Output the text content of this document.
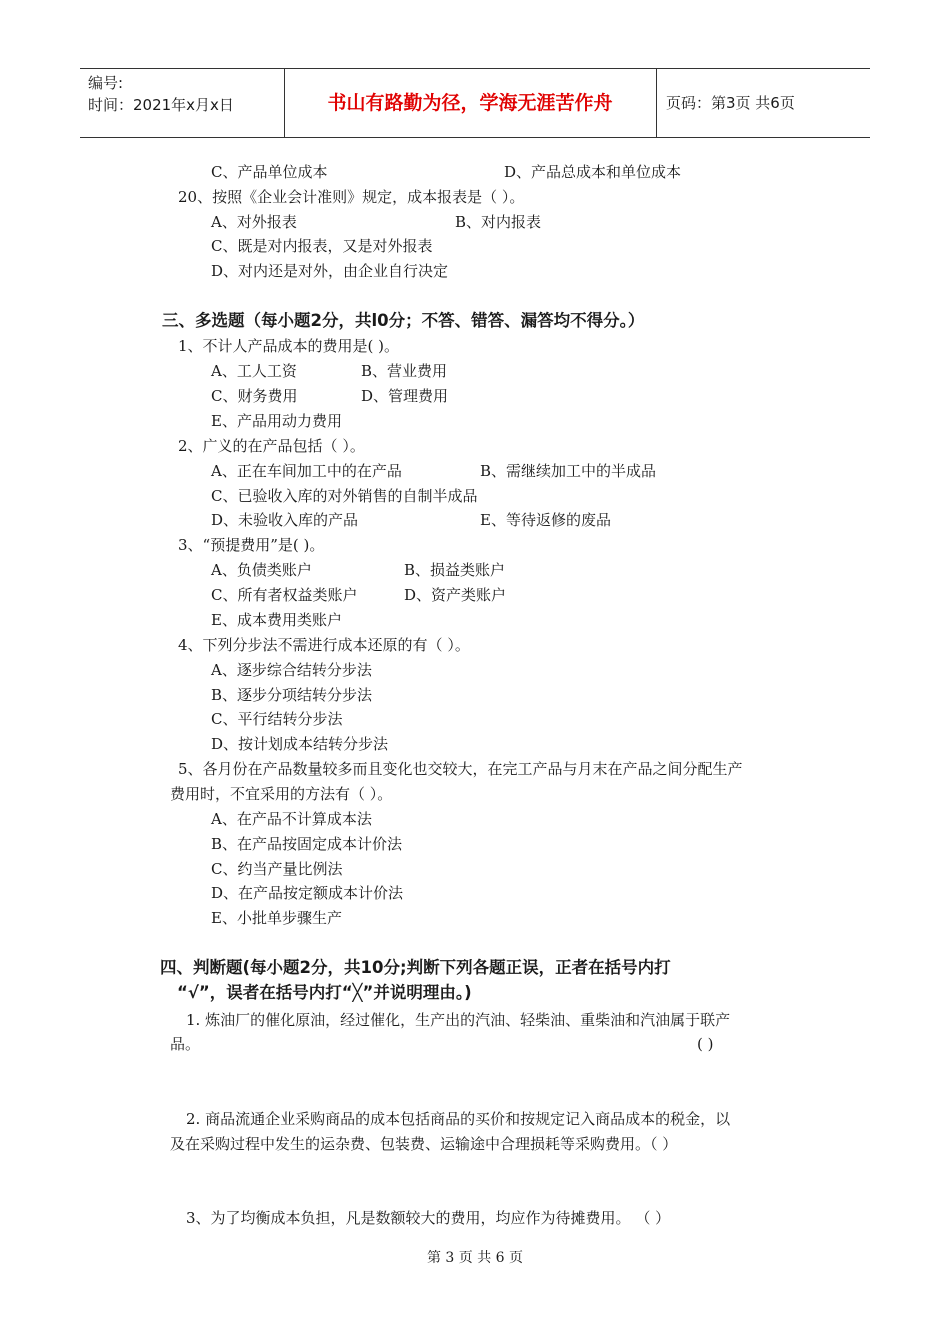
编号:
时间：2021年x月x日	书山有路勤为径，学海无涯苦作舟	页码：第3页 共6页
C、产品单位成本	D、产品总成本和单位成本
20、按照《企业会计准则》规定，成本报表是（ ）。
A、对外报表	B、对内报表
C、既是对内报表，又是对外报表
D、对内还是对外，由企业自行决定
1、不计人产品成本的费用是( )。
A、工人工资	B、营业费用
C、财务费用	D、管理费用
E、产品用动力费用
2、广义的在产品包括（ ）。
A、正在车间加工中的在产品	B、需继续加工中的半成品
C、已验收入库的对外销售的自制半成品
D、未验收入库的产品	E、等待返修的废品
3、“预提费用”是( )。
A、负债类账户	B、损益类账户
C、所有者权益类账户	D、资产类账户
E、成本费用类账户
4、下列分步法不需进行成本还原的有（ ）。
A、逐步综合结转分步法
B、逐步分项结转分步法
C、平行结转分步法
D、按计划成本结转分步法
5、各月份在产品数量较多而且变化也交较大，在完工产品与月末在产品之间分配生产
费用时，不宜采用的方法有（ ）。
A、在产品不计算成本法
B、在产品按固定成本计价法
C、约当产量比例法
D、在产品按定额成本计价法
E、小批单步骤生产
1. 炼油厂的催化原油，经过催化，生产出的汽油、轻柴油、重柴油和汽油属于联产
品。	( )
2. 商品流通企业采购商品的成本包括商品的买价和按规定记入商品成本的税金，以
及在采购过程中发生的运杂费、包装费、运输途中合理损耗等采购费用。（ ）
3、为了均衡成本负担，凡是数额较大的费用，均应作为待摊费用。 （ ）
三、多选题（每小题2分，共l0分；不答、错答、漏答均不得分。）
四、判断题(每小题2分，共10分;判断下列各题正误，正者在括号内打
“√”，误者在括号内打“╳”并说明理由。)
第 3 页 共 6 页
